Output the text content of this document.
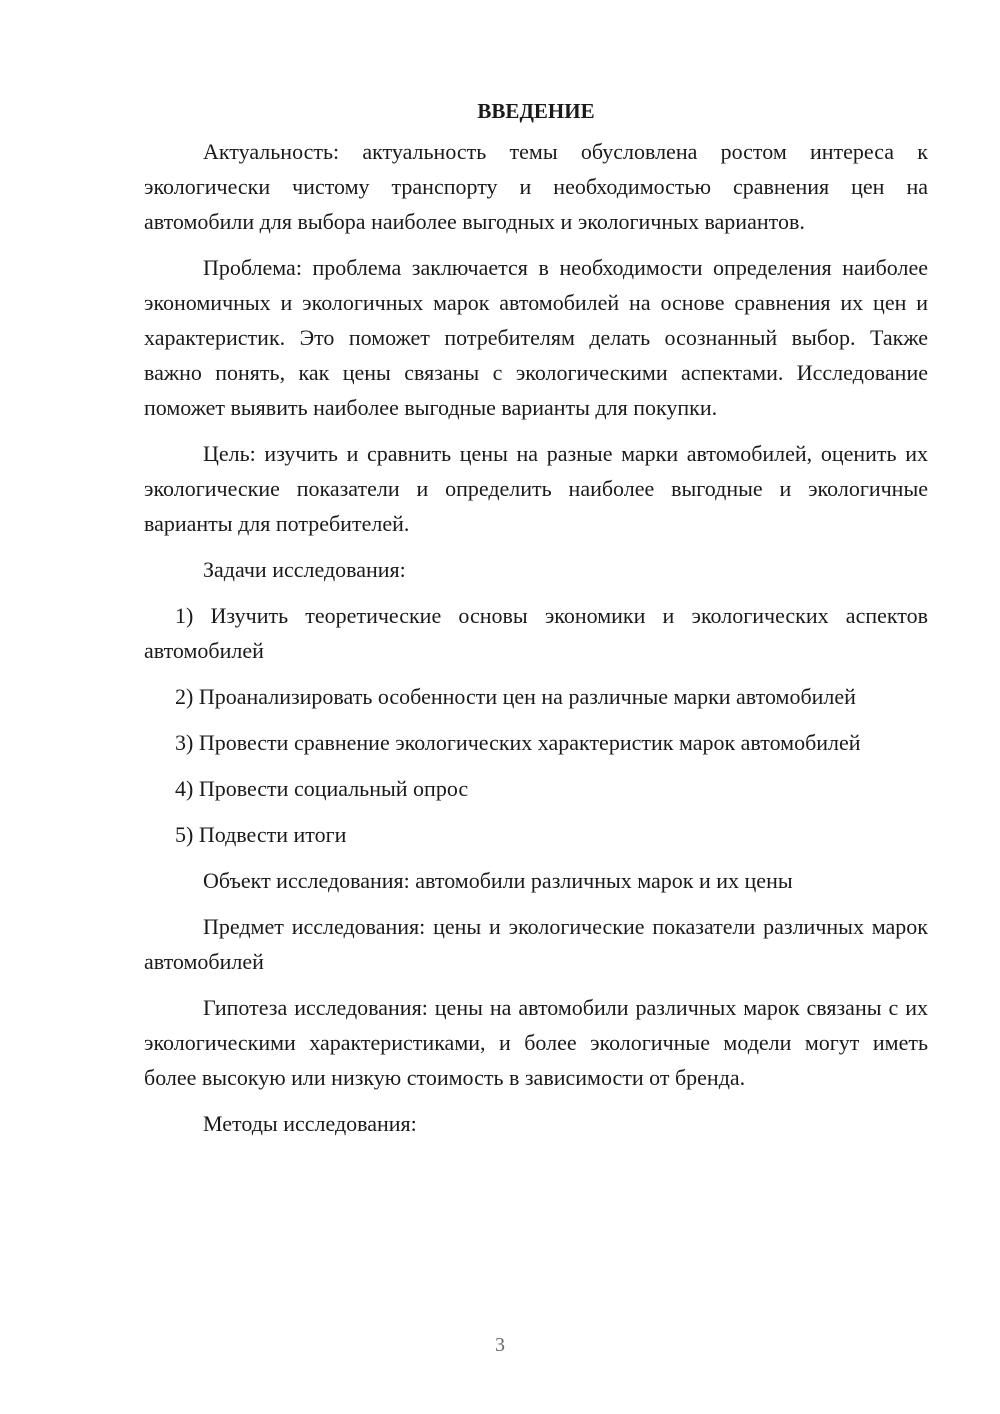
ВВЕДЕНИЕ

Актуальность: актуальность темы обусловлена ростом интереса к экологически чистому транспорту и необходимостью сравнения цен на автомобили для выбора наиболее выгодных и экологичных вариантов.

Проблема: проблема заключается в необходимости определения наиболее экономичных и экологичных марок автомобилей на основе сравнения их цен и характеристик. Это поможет потребителям делать осознанный выбор. Также важно понять, как цены связаны с экологическими аспектами. Исследование поможет выявить наиболее выгодные варианты для покупки.

Цель: изучить и сравнить цены на разные марки автомобилей, оценить их экологические показатели и определить наиболее выгодные и экологичные варианты для потребителей.

Задачи исследования:

1) Изучить теоретические основы экономики и экологических аспектов автомобилей

2) Проанализировать особенности цен на различные марки автомобилей

3) Провести сравнение экологических характеристик марок автомобилей

4) Провести социальный опрос

5) Подвести итоги

Объект исследования: автомобили различных марок и их цены

Предмет исследования: цены и экологические показатели различных марок автомобилей

Гипотеза исследования: цены на автомобили различных марок связаны с их экологическими характеристиками, и более экологичные модели могут иметь более высокую или низкую стоимость в зависимости от бренда.

Методы исследования:

3
